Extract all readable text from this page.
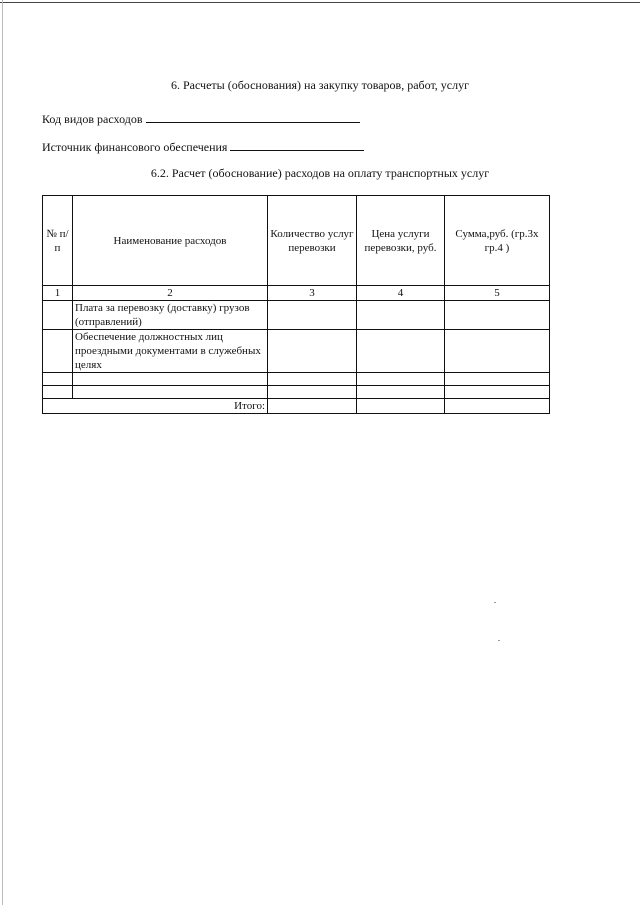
6. Расчеты (обоснования) на закупку товаров, работ, услуг
Код видов расходов
Источник финансового обеспечения
6.2. Расчет (обоснование) расходов на оплату транспортных услуг
№ п/п	Наименование расходов	Количество услуг перевозки	Цена услуги перевозки, руб.	Сумма,руб. (гр.3х гр.4 )
1	2	3	4	5
	Плата за перевозку (доставку) грузов (отправлений)			
	Обеспечение должностных лиц проездными документами в служебных целях			

Итого:				
